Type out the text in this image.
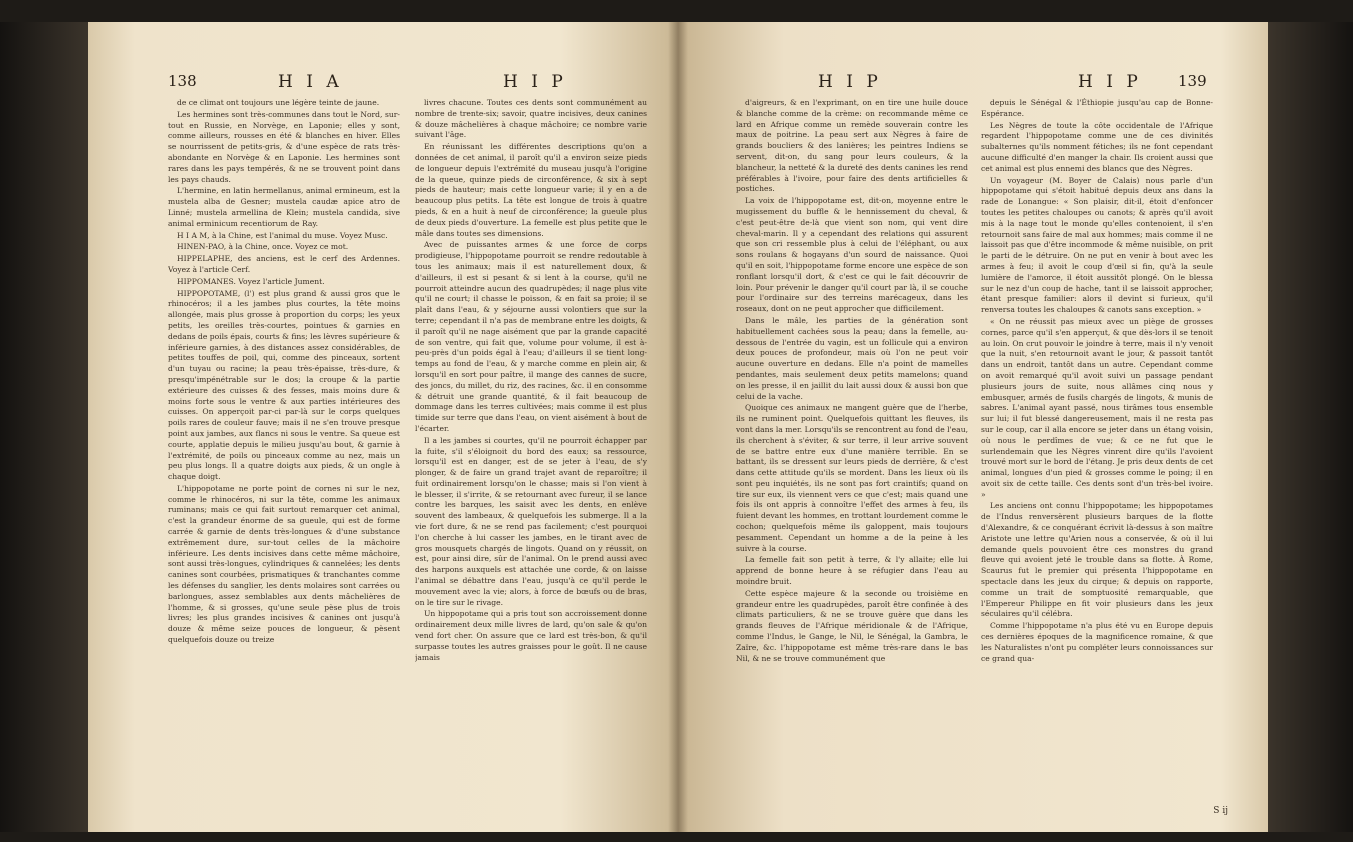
138	H I A	H I P

de ce climat ont toujours une légère teinte de jaune.

Les hermines sont très-communes dans tout le Nord, sur-tout en Russie, en Norvège, en Laponie; elles y sont, comme ailleurs, rousses en été & blanches en hiver. Elles se nourrissent de petits-gris, & d'une espèce de rats très-abondante en Norvège & en Laponie. Les hermines sont rares dans les pays tempérés, & ne se trouvent point dans les pays chauds.

L'hermine, en latin hermellanus, animal ermineum, est la mustela alba de Gesner; mustela caudæ apice atro de Linné; mustela armellina de Klein; mustela candida, sive animal erminicum recentiorum de Ray.

H I A M, à la Chine, est l'animal du muse. Voyez Musc.

HINEN-PAO, à la Chine, once. Voyez ce mot.

HIPPELAPHE, des anciens, est le cerf des Ardennes. Voyez à l'article Cerf.

HIPPOMANES. Voyez l'article Jument.

HIPPOPOTAME, (l') est plus grand & aussi gros que le rhinocéros; il a les jambes plus courtes, la tête moins allongée, mais plus grosse à proportion du corps; les yeux petits, les oreilles très-courtes, pointues & garnies en dedans de poils épais, courts & fins; les lèvres supérieure & inférieure garnies, à des distances assez considérables, de petites touffes de poil, qui, comme des pinceaux, sortent d'un tuyau ou racine; la peau très-épaisse, très-dure, & presqu'impénétrable sur le dos; la croupe & la partie extérieure des cuisses & des fesses, mais moins dure & moins forte sous le ventre & aux parties intérieures des cuisses. On apperçoit par-ci par-là sur le corps quelques poils rares de couleur fauve; mais il ne s'en trouve presque point aux jambes, aux flancs ni sous le ventre. Sa queue est courte, applatie depuis le milieu jusqu'au bout, & garnie à l'extrémité, de poils ou pinceaux comme au nez, mais un peu plus longs. Il a quatre doigts aux pieds, & un ongle à chaque doigt.

L'hippopotame ne porte point de cornes ni sur le nez, comme le rhinocéros, ni sur la tête, comme les animaux ruminans; mais ce qui fait surtout remarquer cet animal, c'est la grandeur énorme de sa gueule, qui est de forme carrée & garnie de dents très-longues & d'une substance extrêmement dure, sur-tout celles de la mâchoire inférieure. Les dents incisives dans cette même mâchoire, sont aussi très-longues, cylindriques & cannelées; les dents canines sont courbées, prismatiques & tranchantes comme les défenses du sanglier, les dents molaires sont carrées ou barlongues, assez semblables aux dents mâchelières de l'homme, & si grosses, qu'une seule pèse plus de trois livres; les plus grandes incisives & canines ont jusqu'à douze & même seize pouces de longueur, & pèsent quelquefois douze ou treize

livres chacune. Toutes ces dents sont communément au nombre de trente-six; savoir, quatre incisives, deux canines & douze mâchelières à chaque mâchoire; ce nombre varie suivant l'âge.

En réunissant les différentes descriptions qu'on a données de cet animal, il paroît qu'il a environ seize pieds de longueur depuis l'extrémité du museau jusqu'à l'origine de la queue, quinze pieds de circonférence, & six à sept pieds de hauteur; mais cette longueur varie; il y en a de beaucoup plus petits. La tête est longue de trois à quatre pieds, & en a huit à neuf de circonférence; la gueule plus de deux pieds d'ouverture. La femelle est plus petite que le mâle dans toutes ses dimensions.

Avec de puissantes armes & une force de corps prodigieuse, l'hippopotame pourroit se rendre redoutable à tous les animaux; mais il est naturellement doux, & d'ailleurs, il est si pesant & si lent à la course, qu'il ne pourroit atteindre aucun des quadrupèdes; il nage plus vite qu'il ne court; il chasse le poisson, & en fait sa proie; il se plaît dans l'eau, & y séjourne aussi volontiers que sur la terre; cependant il n'a pas de membrane entre les doigts, & il paroît qu'il ne nage aisément que par la grande capacité de son ventre, qui fait que, volume pour volume, il est à-peu-près d'un poids égal à l'eau; d'ailleurs il se tient long-temps au fond de l'eau, & y marche comme en plein air, & lorsqu'il en sort pour paître, il mange des cannes de sucre, des joncs, du millet, du riz, des racines, &c. il en consomme & détruit une grande quantité, & il fait beaucoup de dommage dans les terres cultivées; mais comme il est plus timide sur terre que dans l'eau, on vient aisément à bout de l'écarter.

Il a les jambes si courtes, qu'il ne pourroit échapper par la fuite, s'il s'éloignoit du bord des eaux; sa ressource, lorsqu'il est en danger, est de se jeter à l'eau, de s'y plonger, & de faire un grand trajet avant de reparoître; il fuit ordinairement lorsqu'on le chasse; mais si l'on vient à le blesser, il s'irrite, & se retournant avec fureur, il se lance contre les barques, les saisit avec les dents, en enlève souvent des lambeaux, & quelquefois les submerge. Il a la vie fort dure, & ne se rend pas facilement; c'est pourquoi l'on cherche à lui casser les jambes, en le tirant avec de gros mousquets chargés de lingots. Quand on y réussit, on est, pour ainsi dire, sûr de l'animal. On le prend aussi avec des harpons auxquels est attachée une corde, & on laisse l'animal se débattre dans l'eau, jusqu'à ce qu'il perde le mouvement avec la vie; alors, à force de bœufs ou de bras, on le tire sur le rivage.

Un hippopotame qui a pris tout son accroissement donne ordinairement deux mille livres de lard, qu'on sale & qu'on vend fort cher. On assure que ce lard est très-bon, & qu'il surpasse toutes les autres graisses pour le goût. Il ne cause jamais

H I P	H I P 139

d'aigreurs, & en l'exprimant, on en tire une huile douce & blanche comme de la crème: on recommande même ce lard en Afrique comme un remède souverain contre les maux de poitrine. La peau sert aux Nègres à faire de grands boucliers & des lanières; les peintres Indiens se servent, dit-on, du sang pour leurs couleurs, & la blancheur, la netteté & la dureté des dents canines les rend préférables à l'ivoire, pour faire des dents artificielles & postiches.

La voix de l'hippopotame est, dit-on, moyenne entre le mugissement du buffle & le hennissement du cheval, & c'est peut-être de-là que vient son nom, qui vent dire cheval-marin. Il y a cependant des relations qui assurent que son cri ressemble plus à celui de l'éléphant, ou aux sons roulans & hogayans d'un sourd de naissance. Quoi qu'il en soit, l'hippopotame forme encore une espèce de son ronflant lorsqu'il dort, & c'est ce qui le fait découvrir de loin. Pour prévenir le danger qu'il court par là, il se couche pour l'ordinaire sur des terreins marécageux, dans les roseaux, dont on ne peut approcher que difficilement.

Dans le mâle, les parties de la génération sont habituellement cachées sous la peau; dans la femelle, au-dessous de l'entrée du vagin, est un follicule qui a environ deux pouces de profondeur, mais où l'on ne peut voir aucune ouverture en dedans. Elle n'a point de mamelles pendantes, mais seulement deux petits mamelons; quand on les presse, il en jaillit du lait aussi doux & aussi bon que celui de la vache.

Quoique ces animaux ne mangent guère que de l'herbe, ils ne ruminent point. Quelquefois quittant les fleuves, ils vont dans la mer. Lorsqu'ils se rencontrent au fond de l'eau, ils cherchent à s'éviter, & sur terre, il leur arrive souvent de se battre entre eux d'une manière terrible. En se battant, ils se dressent sur leurs pieds de derrière, & c'est dans cette attitude qu'ils se mordent. Dans les lieux où ils sont peu inquiétés, ils ne sont pas fort craintifs; quand on tire sur eux, ils viennent vers ce que c'est; mais quand une fois ils ont appris à connoître l'effet des armes à feu, ils fuient devant les hommes, en trottant lourdement comme le cochon; quelquefois même ils galoppent, mais toujours pesamment. Cependant un homme a de la peine à les suivre à la course.

La femelle fait son petit à terre, & l'y allaite; elle lui apprend de bonne heure à se réfugier dans l'eau au moindre bruit.

Cette espèce majeure & la seconde ou troisième en grandeur entre les quadrupèdes, paroît être confinée à des climats particuliers, & ne se trouve guère que dans les grands fleuves de l'Afrique méridionale & de l'Afrique, comme l'Indus, le Gange, le Nil, le Sénégal, la Gambra, le Zaïre, &c. l'hippopotame est même très-rare dans le bas Nil, & ne se trouve communément que

depuis le Sénégal & l'Éthiopie jusqu'au cap de Bonne-Espérance.

Les Nègres de toute la côte occidentale de l'Afrique regardent l'hippopotame comme une de ces divinités subalternes qu'ils nomment fétiches; ils ne font cependant aucune difficulté d'en manger la chair. Ils croient aussi que cet animal est plus ennemi des blancs que des Nègres.

Un voyageur (M. Boyer de Calais) nous parle d'un hippopotame qui s'étoit habitué depuis deux ans dans la rade de Lonangue: « Son plaisir, dit-il, étoit d'enfoncer toutes les petites chaloupes ou canots; & après qu'il avoit mis à la nage tout le monde qu'elles contenoient, il s'en retournoit sans faire de mal aux hommes; mais comme il ne laissoit pas que d'être incommode & même nuisible, on prit le parti de le détruire. On ne put en venir à bout avec les armes à feu; il avoit le coup d'œil si fin, qu'à la seule lumière de l'amorce, il étoit aussitôt plongé. On le blessa sur le nez d'un coup de hache, tant il se laissoit approcher, étant presque familier: alors il devint si furieux, qu'il renversa toutes les chaloupes & canots sans exception. »

« On ne réussit pas mieux avec un piège de grosses cornes, parce qu'il s'en apperçut, & que dès-lors il se tenoit au loin. On crut pouvoir le joindre à terre, mais il n'y venoit que la nuit, s'en retournoit avant le jour, & passoit tantôt dans un endroit, tantôt dans un autre. Cependant comme on avoit remarqué qu'il avoit suivi un passage pendant plusieurs jours de suite, nous allâmes cinq nous y embusquer, armés de fusils chargés de lingots, & munis de sabres. L'animal ayant passé, nous tirâmes tous ensemble sur lui; il fut blessé dangereusement, mais il ne resta pas sur le coup, car il alla encore se jeter dans un étang voisin, où nous le perdîmes de vue; & ce ne fut que le surlendemain que les Nègres vinrent dire qu'ils l'avoient trouvé mort sur le bord de l'étang. Je pris deux dents de cet animal, longues d'un pied & grosses comme le poing; il en avoit six de cette taille. Ces dents sont d'un très-bel ivoire. »

Les anciens ont connu l'hippopotame; les hippopotames de l'Indus renversèrent plusieurs barques de la flotte d'Alexandre, & ce conquérant écrivit là-dessus à son maître Aristote une lettre qu'Arien nous a conservée, & où il lui demande quels pouvoient être ces monstres du grand fleuve qui avoient jeté le trouble dans sa flotte. À Rome, Scaurus fut le premier qui présenta l'hippopotame en spectacle dans les jeux du cirque; & depuis on rapporte, comme un trait de somptuosité remarquable, que l'Empereur Philippe en fit voir plusieurs dans les jeux séculaires qu'il célébra.

Comme l'hippopotame n'a plus été vu en Europe depuis ces dernières époques de la magnificence romaine, & que les Naturalistes n'ont pu compléter leurs connoissances sur ce grand qua-

S ij
